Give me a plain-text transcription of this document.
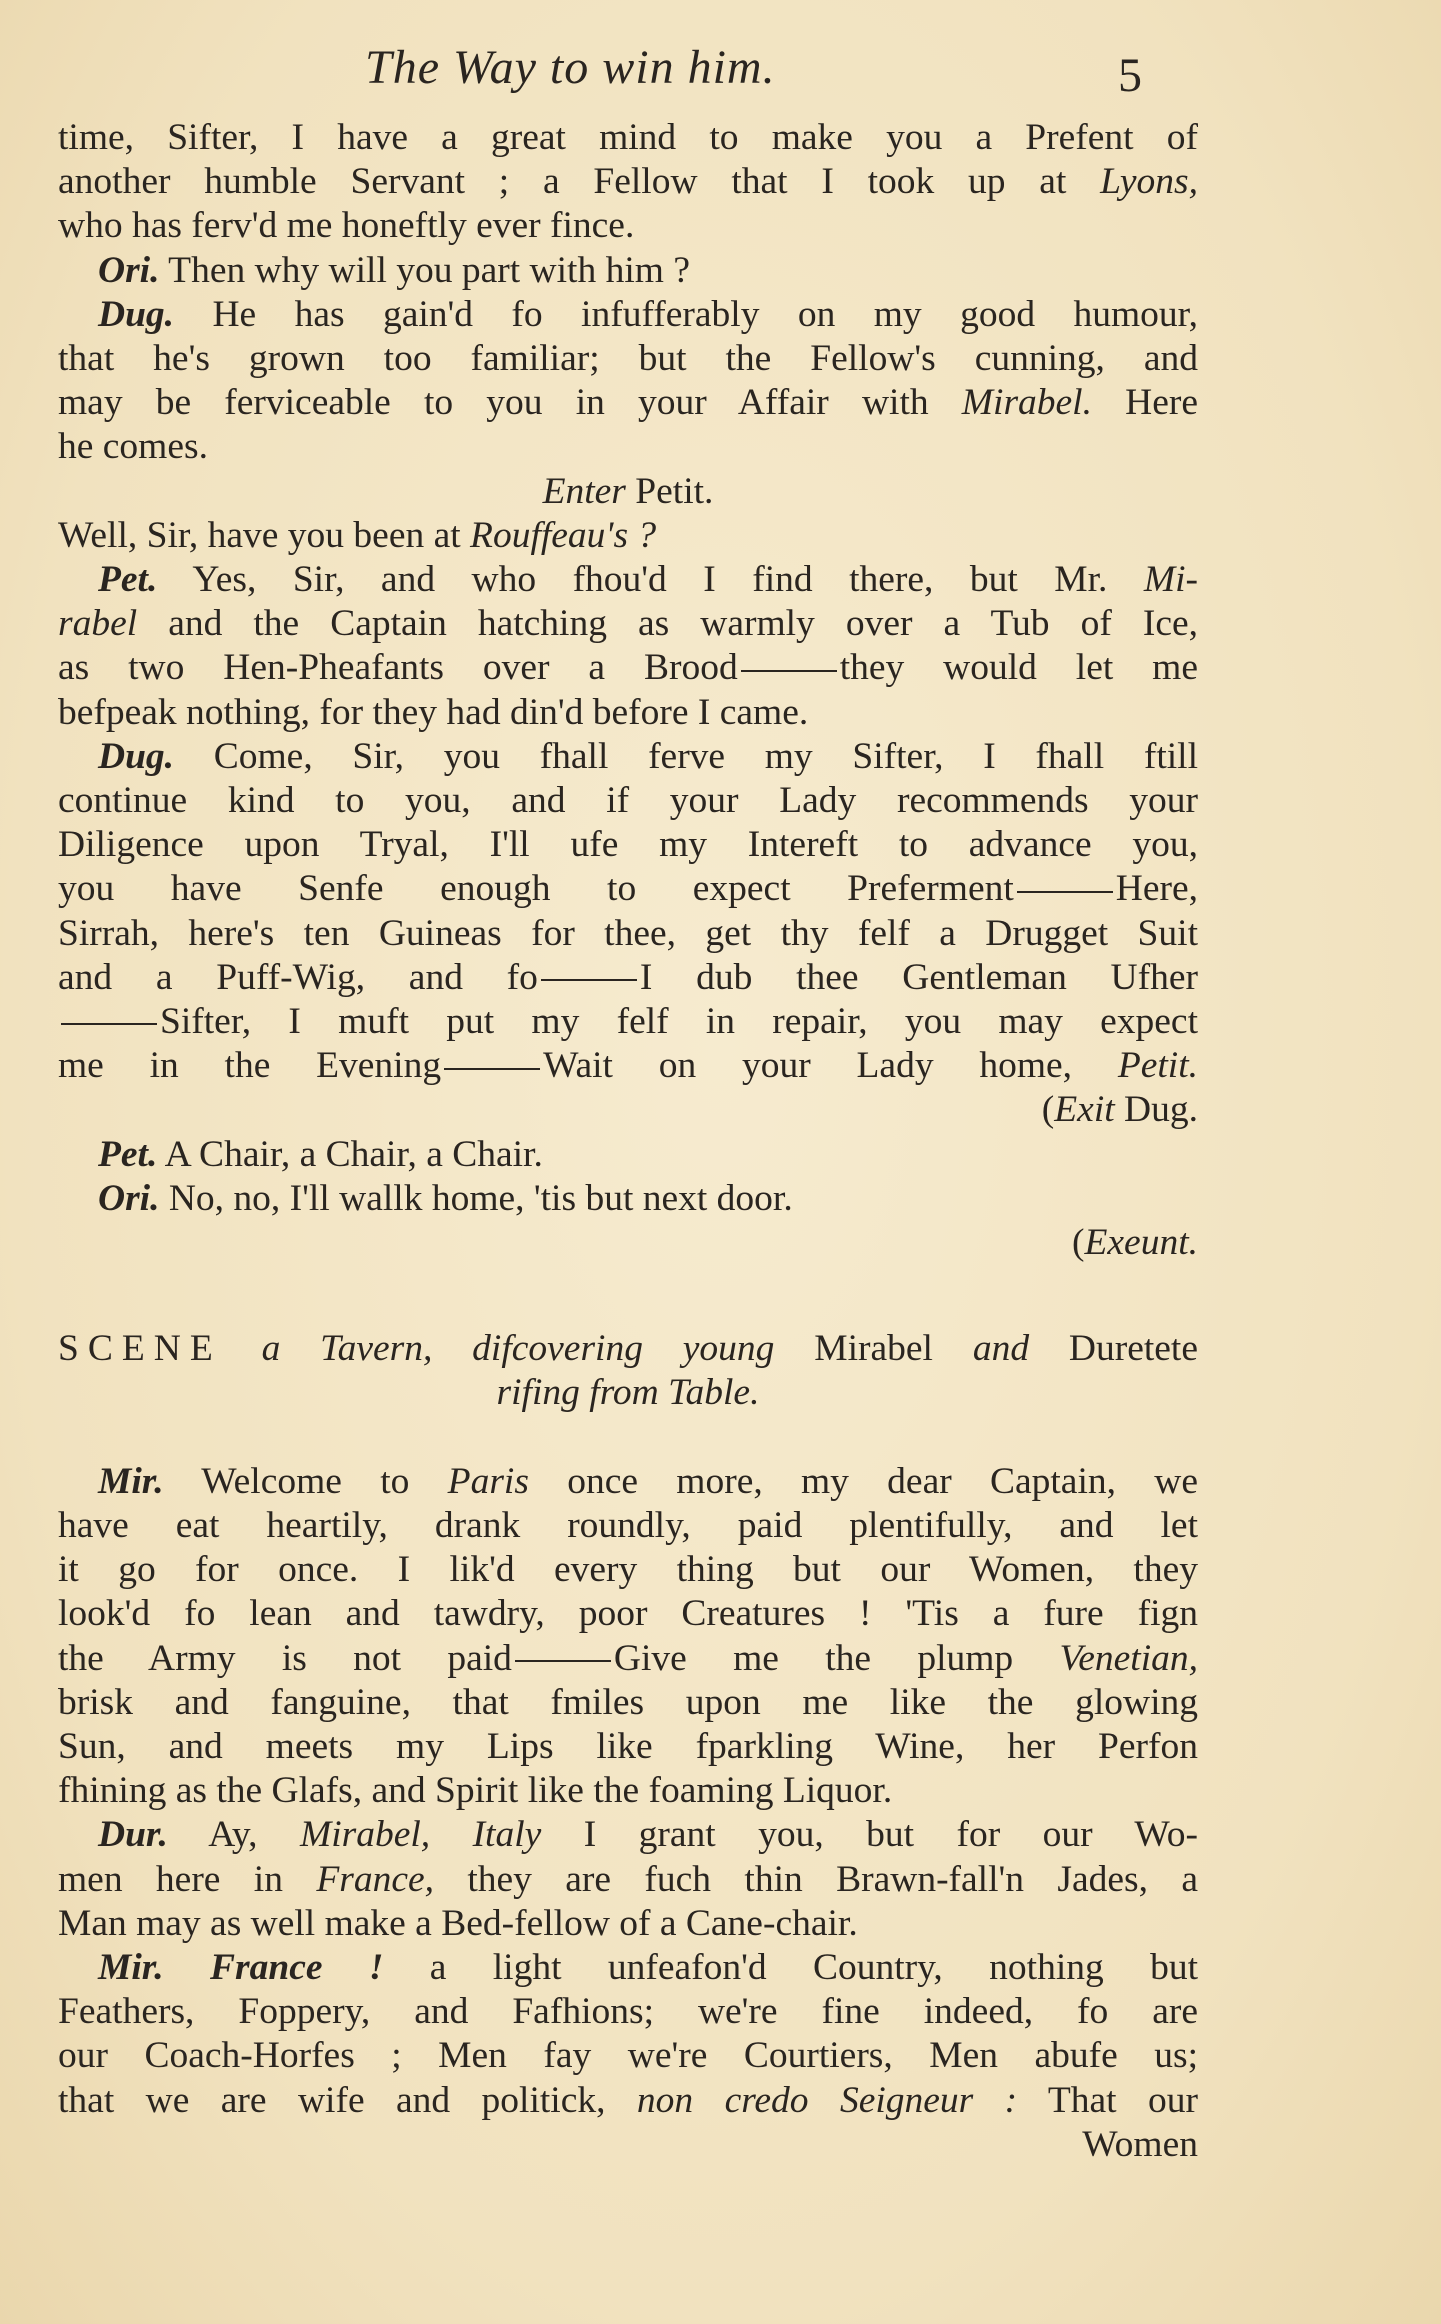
The Way to win him.	5
time, Sifter, I have a great mind to make you a Prefent of
another humble Servant ; a Fellow that I took up at Lyons,
who has ferv'd me honeftly ever fince.
Ori. Then why will you part with him ?
Dug. He has gain'd fo infufferably on my good humour,
that he's grown too familiar; but the Fellow's cunning, and
may be ferviceable to you in your Affair with Mirabel. Here
he comes.
Enter Petit.
Well, Sir, have you been at Rouffeau's ?
Pet. Yes, Sir, and who fhou'd I find there, but Mr. Mi-
rabel and the Captain hatching as warmly over a Tub of Ice,
as two Hen-Pheafants over a Brood	they would let me
befpeak nothing, for they had din'd before I came.
Dug. Come, Sir, you fhall ferve my Sifter, I fhall ftill
continue kind to you, and if your Lady recommends your
Diligence upon Tryal, I'll ufe my Intereft to advance you,
you have Senfe enough to expect Preferment	Here,
Sirrah, here's ten Guineas for thee, get thy felf a Drugget Suit
and a Puff-Wig, and fo	I dub thee Gentleman Ufher
Sifter, I muft put my felf in repair, you may expect
me in the Evening	Wait on your Lady home, Petit.
(Exit Dug.
Pet. A Chair, a Chair, a Chair.
Ori. No, no, I'll wallk home, 'tis but next door.
(Exeunt.
SCENE a Tavern, difcovering young Mirabel and Duretete
rifing from Table.
Mir. Welcome to Paris once more, my dear Captain, we
have eat heartily, drank roundly, paid plentifully, and let
it go for once. I lik'd every thing but our Women, they
look'd fo lean and tawdry, poor Creatures ! 'Tis a fure fign
the Army is not paid	Give me the plump Venetian,
brisk and fanguine, that fmiles upon me like the glowing
Sun, and meets my Lips like fparkling Wine, her Perfon
fhining as the Glafs, and Spirit like the foaming Liquor.
Dur. Ay, Mirabel, Italy I grant you, but for our Wo-
men here in France, they are fuch thin Brawn-fall'n Jades, a
Man may as well make a Bed-fellow of a Cane-chair.
Mir. France ! a light unfeafon'd Country, nothing but
Feathers, Foppery, and Fafhions; we're fine indeed, fo are
our Coach-Horfes ; Men fay we're Courtiers, Men abufe us;
that we are wife and politick, non credo Seigneur : That our
Women
